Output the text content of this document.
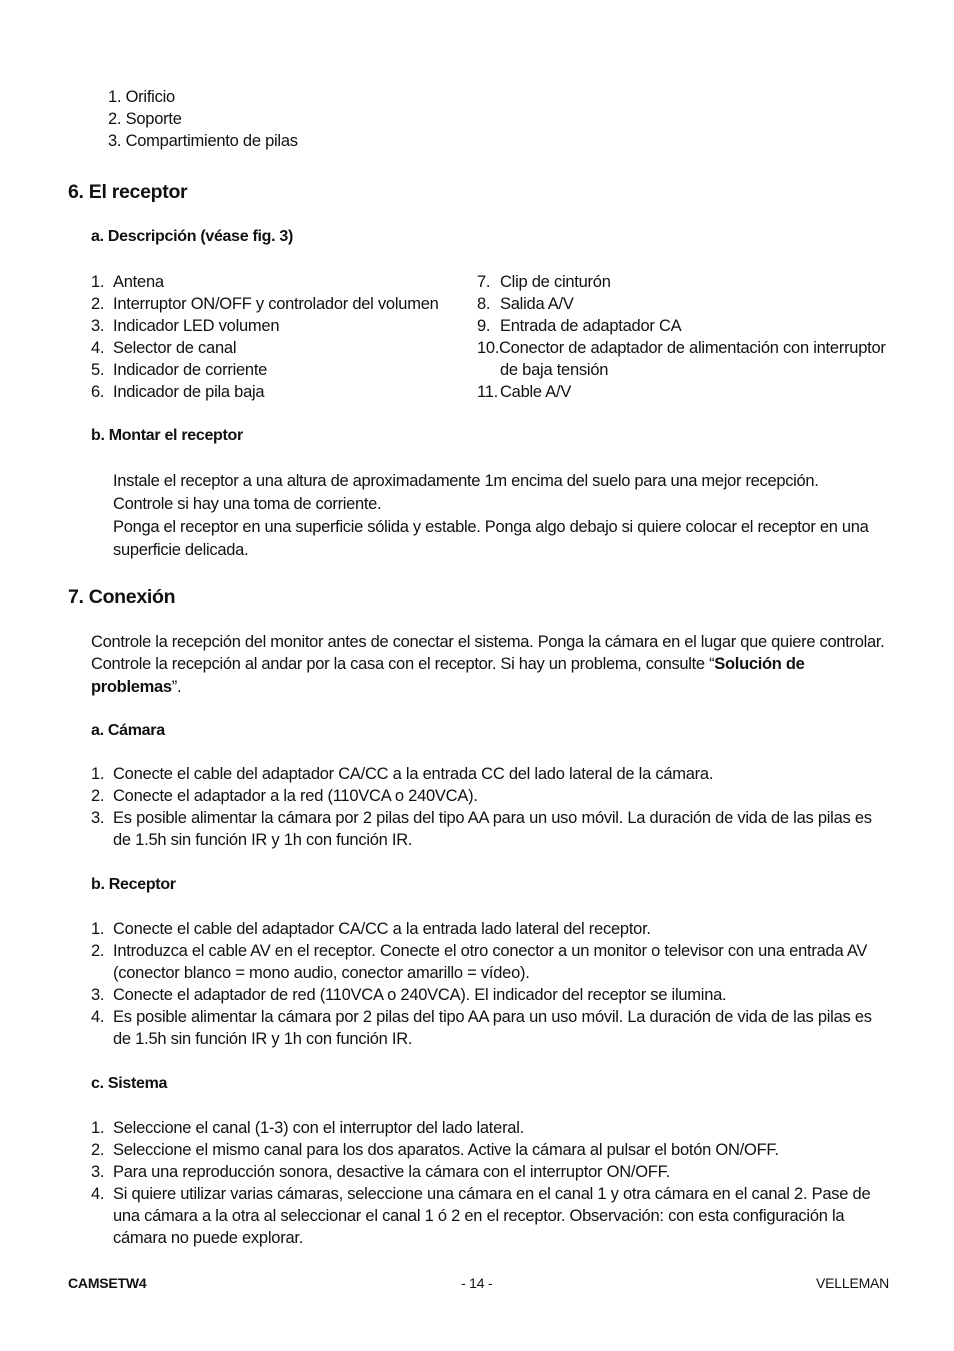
1. Orificio
2. Soporte
3. Compartimiento de pilas
6. El receptor
a. Descripción (véase fig. 3)
1. Antena
2. Interruptor ON/OFF y controlador del volumen
3. Indicador LED volumen
4. Selector de canal
5. Indicador de corriente
6. Indicador de pila baja
7. Clip de cinturón
8. Salida A/V
9. Entrada de adaptador CA
10. Conector de adaptador de alimentación con interruptor
de baja tensión
11. Cable A/V
b. Montar el receptor
Instale el receptor a una altura de aproximadamente 1m encima del suelo para una mejor recepción.
Controle si hay una toma de corriente.
Ponga el receptor en una superficie sólida y estable. Ponga algo debajo si quiere colocar el receptor en una
superficie delicada.
7. Conexión
Controle la recepción del monitor antes de conectar el sistema. Ponga la cámara en el lugar que quiere controlar.
Controle la recepción al andar por la casa con el receptor. Si hay un problema, consulte “Solución de
problemas”.
a. Cámara
1. Conecte el cable del adaptador CA/CC a la entrada CC del lado lateral de la cámara.
2. Conecte el adaptador a la red (110VCA o 240VCA).
3. Es posible alimentar la cámara por 2 pilas del tipo AA para un uso móvil. La duración de vida de las pilas es
de 1.5h sin función IR y 1h con función IR.
b. Receptor
1. Conecte el cable del adaptador CA/CC a la entrada lado lateral del receptor.
2. Introduzca el cable AV en el receptor. Conecte el otro conector a un monitor o televisor con una entrada AV
(conector blanco = mono audio, conector amarillo = vídeo).
3. Conecte el adaptador de red (110VCA o 240VCA). El indicador del receptor se ilumina.
4. Es posible alimentar la cámara por 2 pilas del tipo AA para un uso móvil. La duración de vida de las pilas es
de 1.5h sin función IR y 1h con función IR.
c. Sistema
1. Seleccione el canal (1-3) con el interruptor del lado lateral.
2. Seleccione el mismo canal para los dos aparatos. Active la cámara al pulsar el botón ON/OFF.
3. Para una reproducción sonora, desactive la cámara con el interruptor ON/OFF.
4. Si quiere utilizar varias cámaras, seleccione una cámara en el canal 1 y otra cámara en el canal 2. Pase de
una cámara a la otra al seleccionar el canal 1 ó 2 en el receptor. Observación: con esta configuración la
cámara no puede explorar.
CAMSETW4	- 14 -	VELLEMAN
